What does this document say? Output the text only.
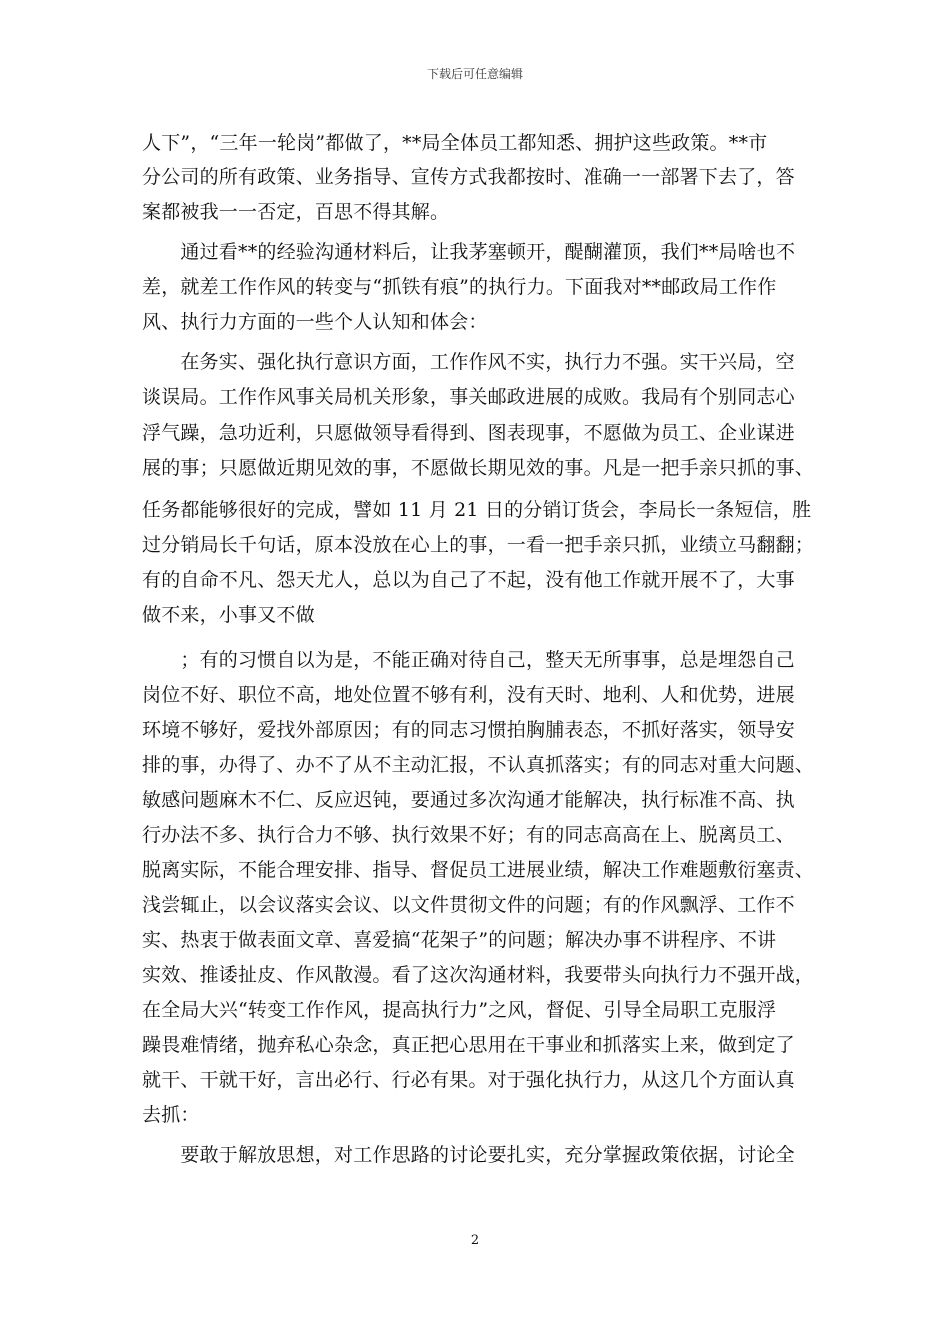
下载后可任意编辑
人下”，“三年一轮岗”都做了，**局全体员工都知悉、拥护这些政策。**市
分公司的所有政策、业务指导、宣传方式我都按时、准确一一部署下去了，答
案都被我一一否定，百思不得其解。
　　通过看**的经验沟通材料后，让我茅塞顿开，醍醐灌顶，我们**局啥也不
差，就差工作作风的转变与“抓铁有痕”的执行力。下面我对**邮政局工作作
风、执行力方面的一些个人认知和体会：
　　在务实、强化执行意识方面，工作作风不实，执行力不强。实干兴局，空
谈误局。工作作风事关局机关形象，事关邮政进展的成败。我局有个别同志心
浮气躁，急功近利，只愿做领导看得到、图表现事，不愿做为员工、企业谋进
展的事；只愿做近期见效的事，不愿做长期见效的事。凡是一把手亲只抓的事、
任务都能够很好的完成，譬如 11 月 21 日的分销订货会，李局长一条短信，胜
过分销局长千句话，原本没放在心上的事，一看一把手亲只抓，业绩立马翻翻；
有的自命不凡、怨天尤人，总以为自己了不起，没有他工作就开展不了，大事
做不来，小事又不做
　　；有的习惯自以为是，不能正确对待自己，整天无所事事，总是埋怨自己
岗位不好、职位不高，地处位置不够有利，没有天时、地利、人和优势，进展
环境不够好，爱找外部原因；有的同志习惯拍胸脯表态，不抓好落实，领导安
排的事，办得了、办不了从不主动汇报，不认真抓落实；有的同志对重大问题、
敏感问题麻木不仁、反应迟钝，要通过多次沟通才能解决，执行标准不高、执
行办法不多、执行合力不够、执行效果不好；有的同志高高在上、脱离员工、
脱离实际，不能合理安排、指导、督促员工进展业绩，解决工作难题敷衍塞责、
浅尝辄止，以会议落实会议、以文件贯彻文件的问题；有的作风飘浮、工作不
实、热衷于做表面文章、喜爱搞“花架子”的问题；解决办事不讲程序、不讲
实效、推诿扯皮、作风散漫。看了这次沟通材料，我要带头向执行力不强开战，
在全局大兴“转变工作作风，提高执行力”之风，督促、引导全局职工克服浮
躁畏难情绪，抛弃私心杂念，真正把心思用在干事业和抓落实上来，做到定了
就干、干就干好，言出必行、行必有果。对于强化执行力，从这几个方面认真
去抓：
　　要敢于解放思想，对工作思路的讨论要扎实，充分掌握政策依据，讨论全
2
